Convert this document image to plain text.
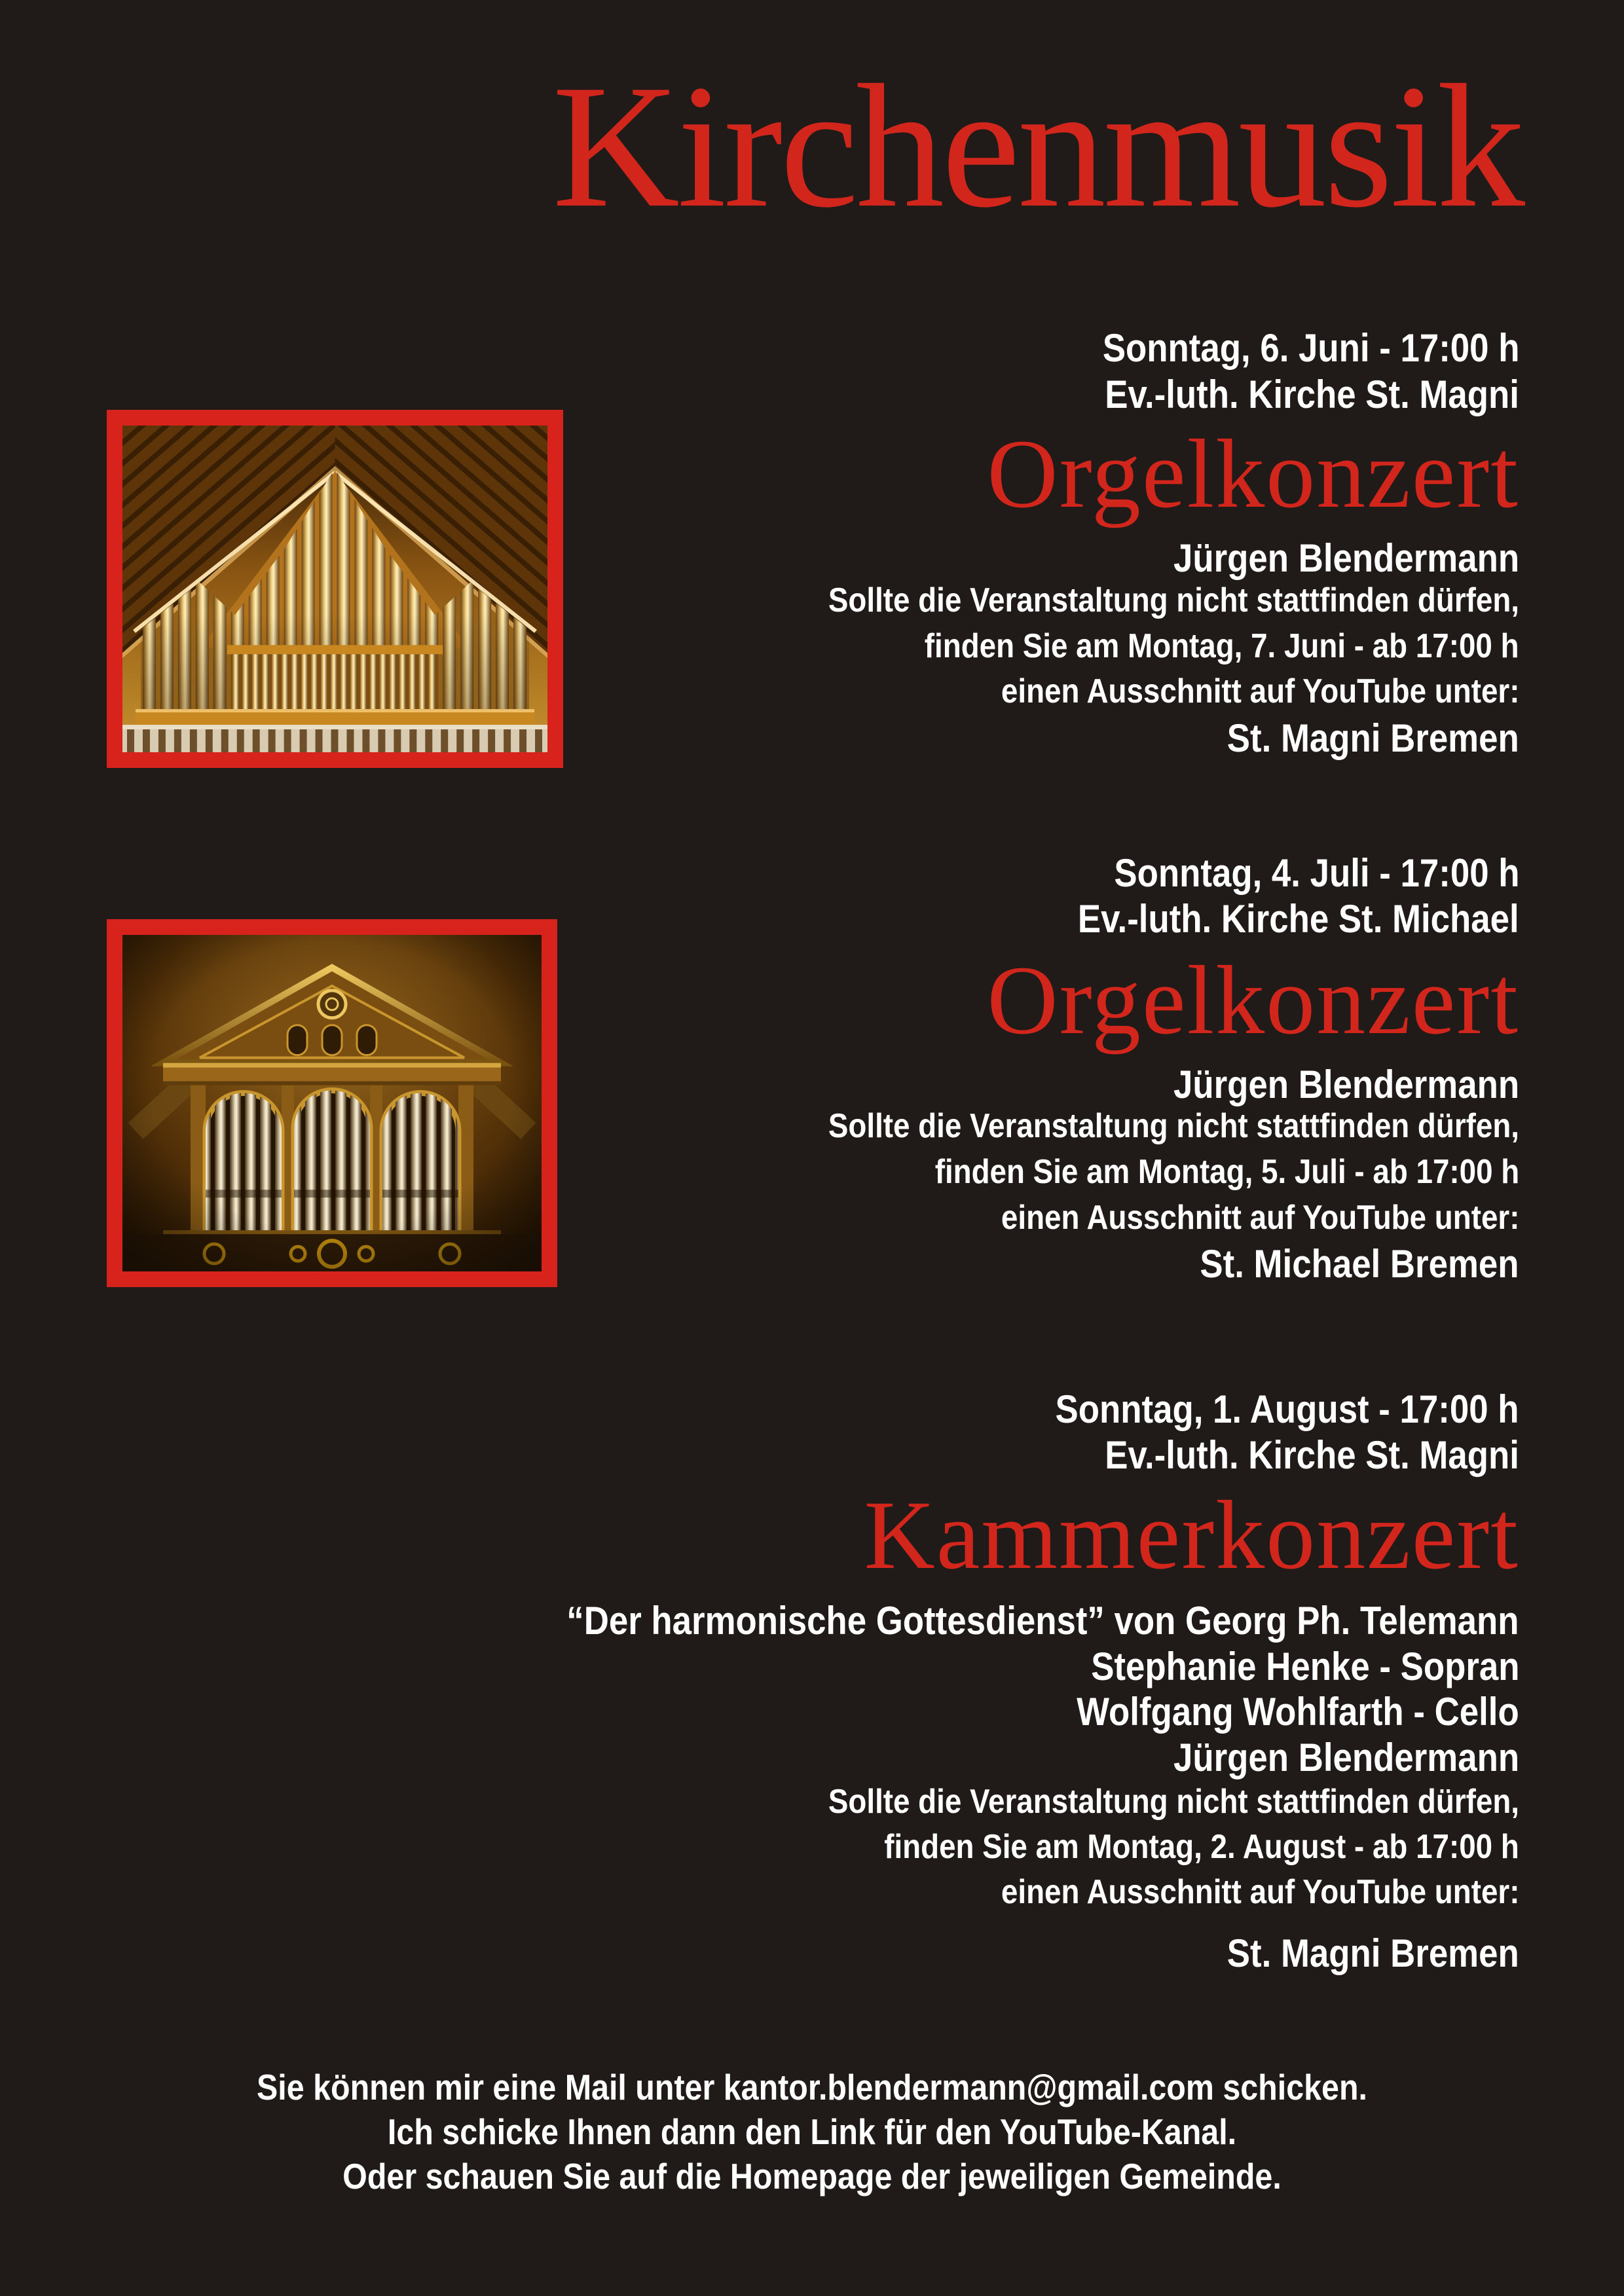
Kirchenmusik
Sonntag, 6. Juni - 17:00 h
Ev.-luth. Kirche St. Magni
Orgelkonzert
Jürgen Blendermann
Sollte die Veranstaltung nicht stattfinden dürfen,
finden Sie am Montag, 7. Juni - ab 17:00 h
einen Ausschnitt auf YouTube unter:
St. Magni Bremen
Sonntag, 4. Juli - 17:00 h
Ev.-luth. Kirche St. Michael
Orgelkonzert
Jürgen Blendermann
Sollte die Veranstaltung nicht stattfinden dürfen,
finden Sie am Montag, 5. Juli - ab 17:00 h
einen Ausschnitt auf YouTube unter:
St. Michael Bremen
Sonntag, 1. August - 17:00 h
Ev.-luth. Kirche St. Magni
Kammerkonzert
“Der harmonische Gottesdienst” von Georg Ph. Telemann
Stephanie Henke - Sopran
Wolfgang Wohlfarth - Cello
Jürgen Blendermann
Sollte die Veranstaltung nicht stattfinden dürfen,
finden Sie am Montag, 2. August - ab 17:00 h
einen Ausschnitt auf YouTube unter:
St. Magni Bremen
Sie können mir eine Mail unter kantor.blendermann@gmail.com schicken.
Ich schicke Ihnen dann den Link für den YouTube-Kanal.
Oder schauen Sie auf die Homepage der jeweiligen Gemeinde.
